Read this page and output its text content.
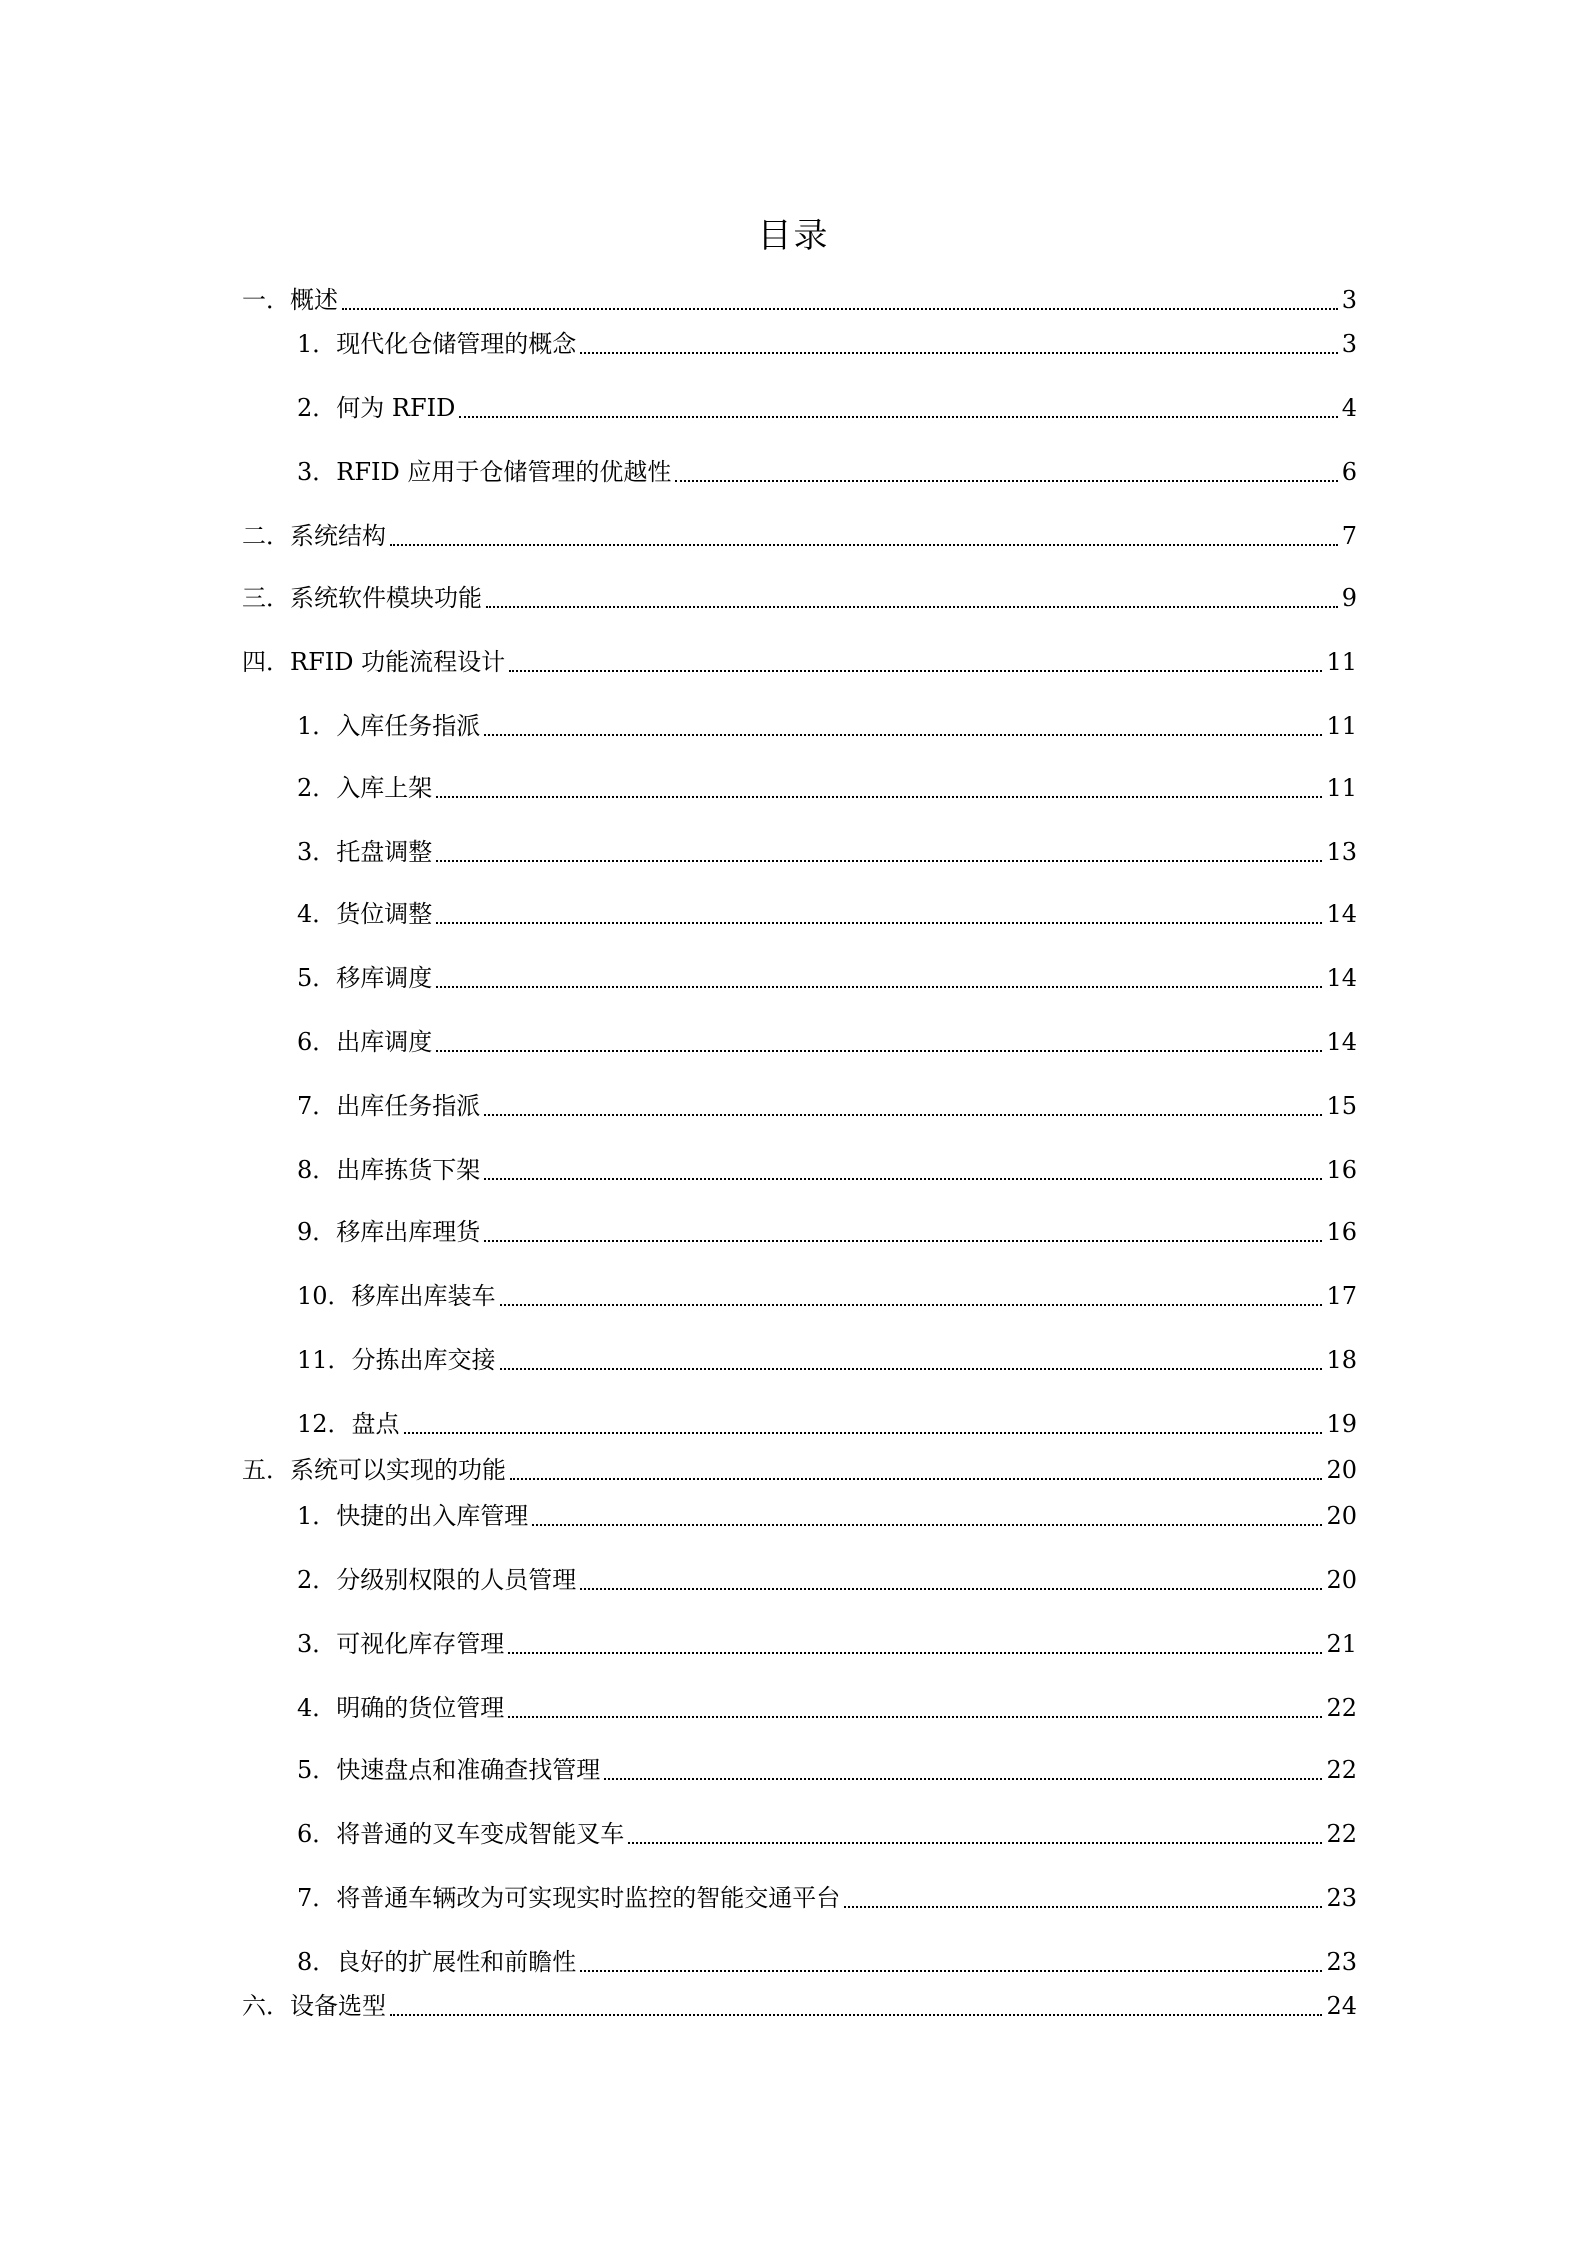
目录
一．概述	3
1．现代化仓储管理的概念	3
2．何为 RFID	4
3．RFID 应用于仓储管理的优越性	6
二．系统结构	7
三．系统软件模块功能	9
四．RFID 功能流程设计	11
1．入库任务指派	11
2．入库上架	11
3．托盘调整	13
4．货位调整	14
5．移库调度	14
6．出库调度	14
7．出库任务指派	15
8．出库拣货下架	16
9．移库出库理货	16
10．移库出库装车	17
11．分拣出库交接	18
12．盘点	19
五．系统可以实现的功能	20
1．快捷的出入库管理	20
2．分级别权限的人员管理	20
3．可视化库存管理	21
4．明确的货位管理	22
5．快速盘点和准确查找管理	22
6．将普通的叉车变成智能叉车	22
7．将普通车辆改为可实现实时监控的智能交通平台	23
8．良好的扩展性和前瞻性	23
六．设备选型	24
